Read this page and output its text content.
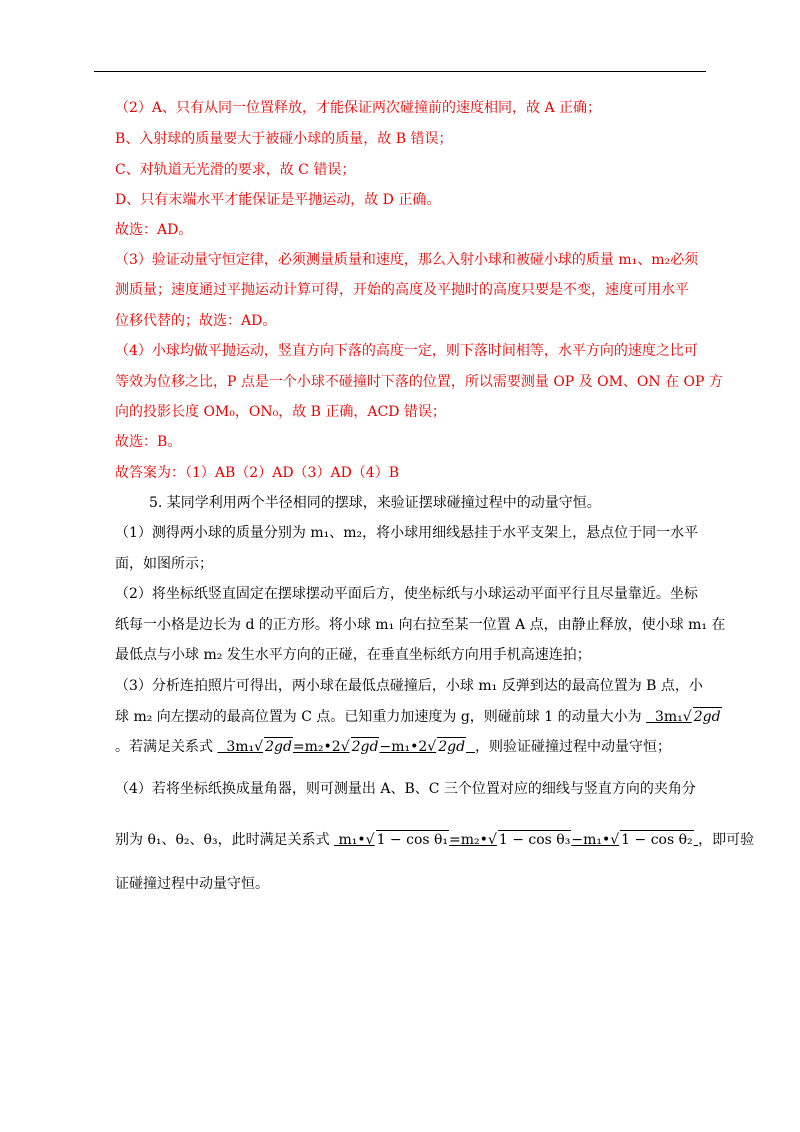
（2）A、只有从同一位置释放，才能保证两次碰撞前的速度相同，故 A 正确；
B、入射球的质量要大于被碰小球的质量，故 B 错误；
C、对轨道无光滑的要求，故 C 错误；
D、只有末端水平才能保证是平抛运动，故 D 正确。
故选：AD。
（3）验证动量守恒定律，必须测量质量和速度，那么入射小球和被碰小球的质量 m₁、m₂必须
测质量；速度通过平抛运动计算可得，开始的高度及平抛时的高度只要是不变，速度可用水平
位移代替的；故选：AD。
（4）小球均做平抛运动，竖直方向下落的高度一定，则下落时间相等，水平方向的速度之比可
等效为位移之比，P 点是一个小球不碰撞时下落的位置，所以需要测量 OP 及 OM、ON 在 OP 方
向的投影长度 OM₀，ON₀，故 B 正确，ACD 错误；
故选：B。
故答案为：（1）AB（2）AD（3）AD（4）B
5. 某同学利用两个半径相同的摆球，来验证摆球碰撞过程中的动量守恒。
（1）测得两小球的质量分别为 m₁、m₂，将小球用细线悬挂于水平支架上，悬点位于同一水平
面，如图所示；
（2）将坐标纸竖直固定在摆球摆动平面后方，使坐标纸与小球运动平面平行且尽量靠近。坐标
纸每一小格是边长为 d 的正方形。将小球 m₁ 向右拉至某一位置 A 点，由静止释放，使小球 m₁ 在
最低点与小球 m₂ 发生水平方向的正碰，在垂直坐标纸方向用手机高速连拍；
（3）分析连拍照片可得出，两小球在最低点碰撞后，小球 m₁ 反弹到达的最高位置为 B 点，小
球 m₂ 向左摆动的最高位置为 C 点。已知重力加速度为 g，则碰前球 1 的动量大小为 3m₁√ 2gd
。若满足关系式 3m₁√ 2gd=m₂•2√ 2gd−m₁•2√ 2gd ，则验证碰撞过程中动量守恒；
（4）若将坐标纸换成量角器，则可测量出 A、B、C 三个位置对应的细线与竖直方向的夹角分
别为 θ₁、θ₂、θ₃，此时满足关系式 m₁•√ 1 − cos θ₁=m₂•√ 1 − cos θ₃−m₁•√ 1 − cos θ₂ ，即可验
证碰撞过程中动量守恒。
